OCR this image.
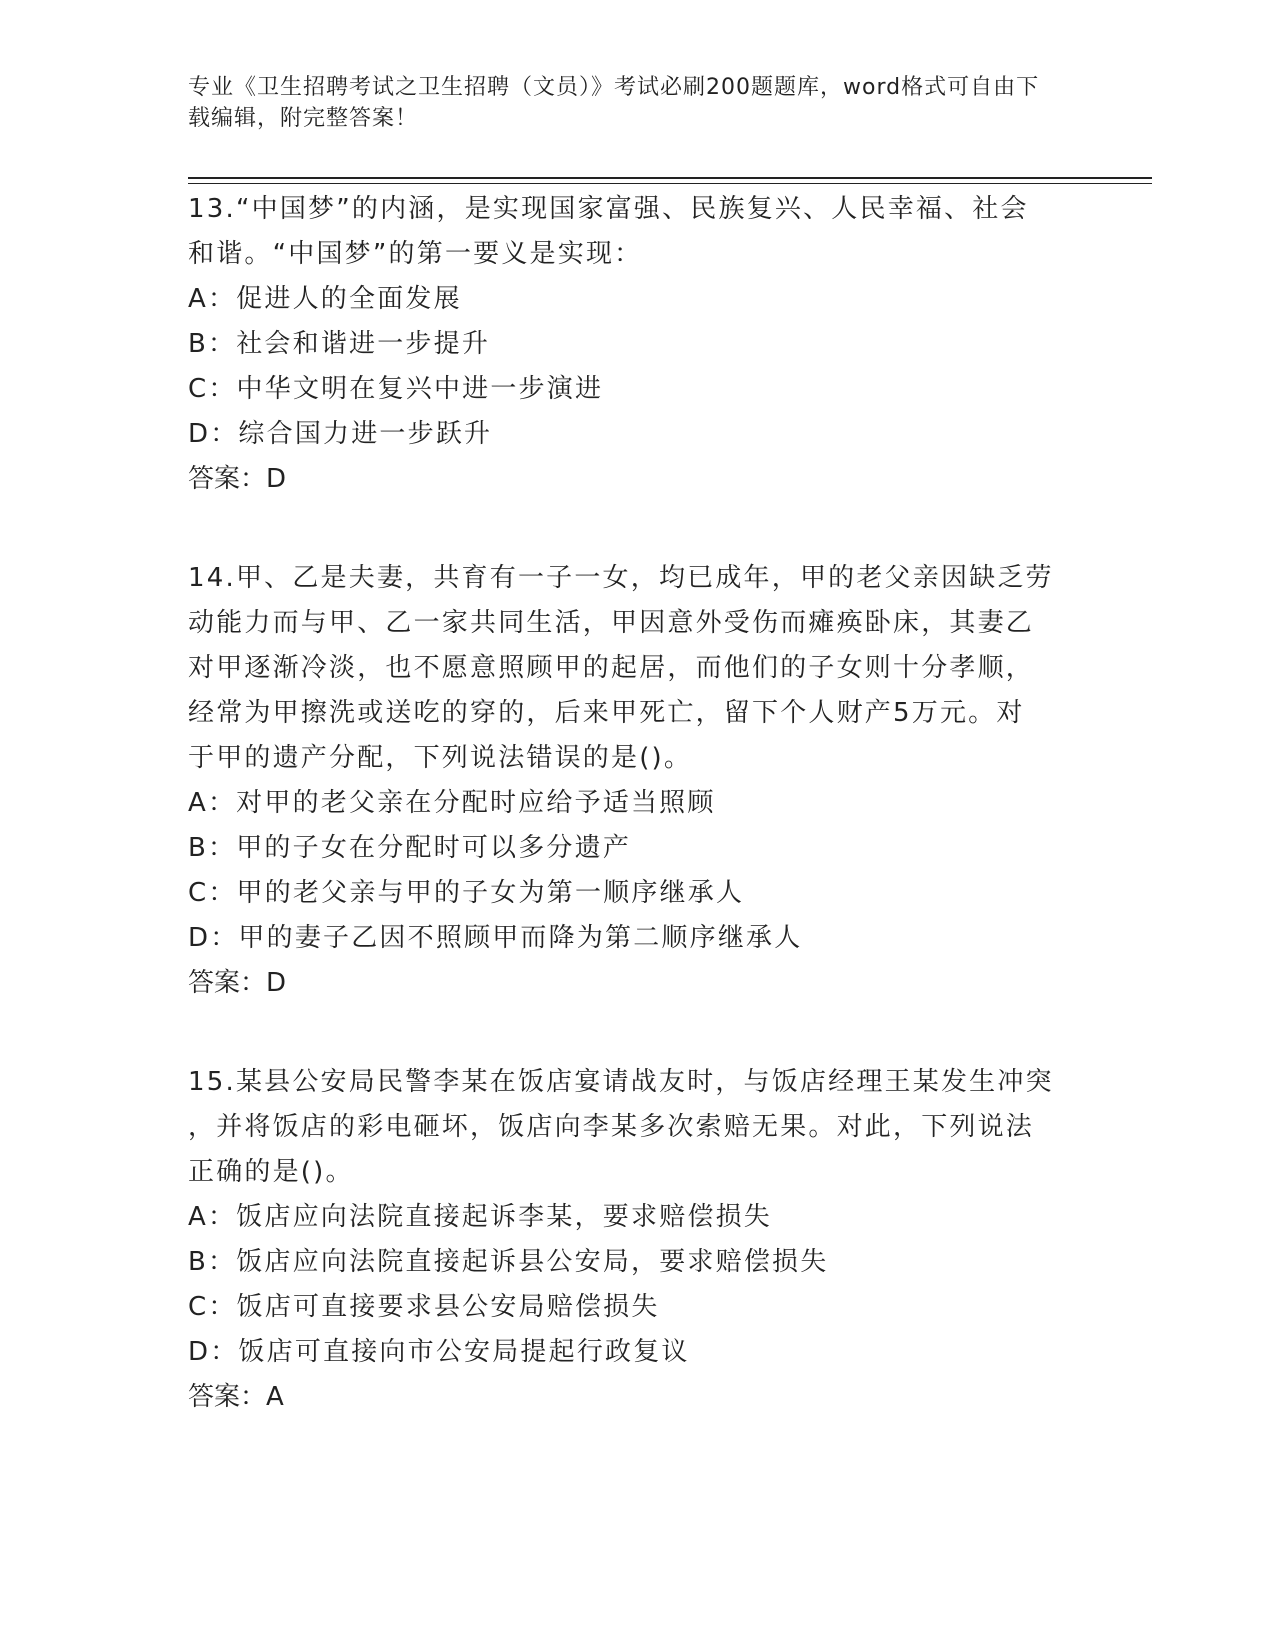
专业《卫生招聘考试之卫生招聘（文员）》考试必刷200题题库，word格式可自由下载编辑，附完整答案！

13.“中国梦”的内涵，是实现国家富强、民族复兴、人民幸福、社会

和谐。“中国梦”的第一要义是实现：

A：促进人的全面发展

B：社会和谐进一步提升

C：中华文明在复兴中进一步演进

D：综合国力进一步跃升

答案：D

14.甲、乙是夫妻，共育有一子一女，均已成年，甲的老父亲因缺乏劳

动能力而与甲、乙一家共同生活，甲因意外受伤而瘫痪卧床，其妻乙

对甲逐渐冷淡，也不愿意照顾甲的起居，而他们的子女则十分孝顺，

经常为甲擦洗或送吃的穿的，后来甲死亡，留下个人财产5万元。对

于甲的遗产分配，下列说法错误的是()。

A：对甲的老父亲在分配时应给予适当照顾

B：甲的子女在分配时可以多分遗产

C：甲的老父亲与甲的子女为第一顺序继承人

D：甲的妻子乙因不照顾甲而降为第二顺序继承人

答案：D

15.某县公安局民警李某在饭店宴请战友时，与饭店经理王某发生冲突

，并将饭店的彩电砸坏，饭店向李某多次索赔无果。对此，下列说法

正确的是()。

A：饭店应向法院直接起诉李某，要求赔偿损失

B：饭店应向法院直接起诉县公安局，要求赔偿损失

C：饭店可直接要求县公安局赔偿损失

D：饭店可直接向市公安局提起行政复议

答案：A
